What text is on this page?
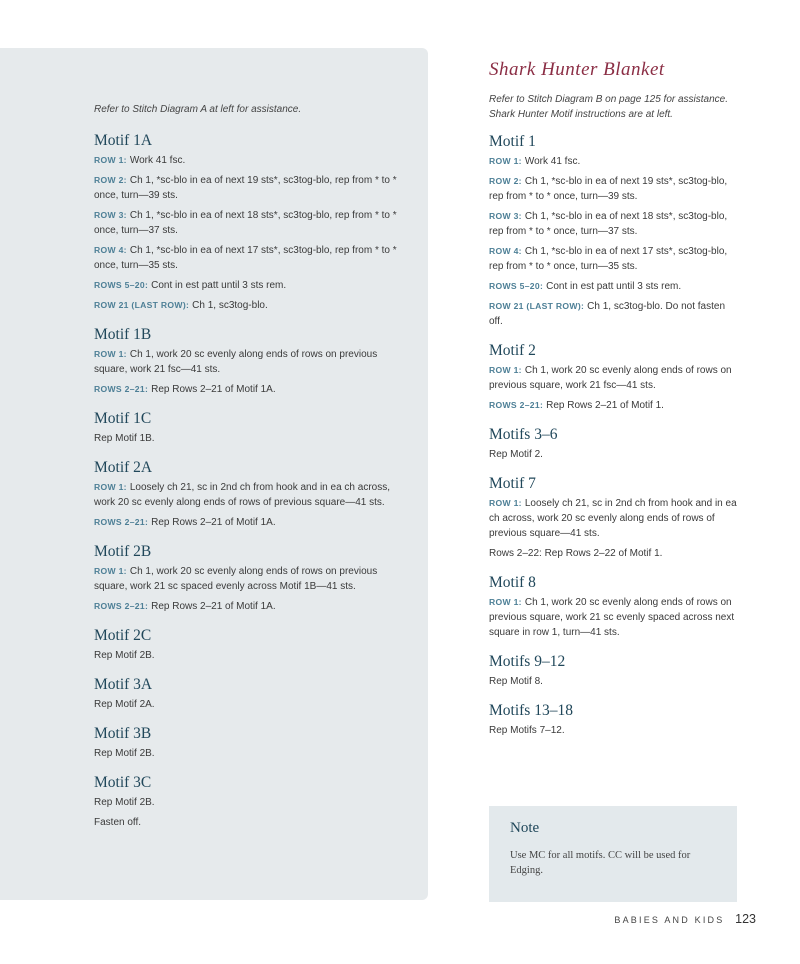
Refer to Stitch Diagram A at left for assistance.

Motif 1A
ROW 1: Work 41 fsc.
ROW 2: Ch 1, *sc-blo in ea of next 19 sts*, sc3tog-blo, rep from * to * once, turn—39 sts.
ROW 3: Ch 1, *sc-blo in ea of next 18 sts*, sc3tog-blo, rep from * to * once, turn—37 sts.
ROW 4: Ch 1, *sc-blo in ea of next 17 sts*, sc3tog-blo, rep from * to * once, turn—35 sts.
ROWS 5–20: Cont in est patt until 3 sts rem.
ROW 21 (LAST ROW): Ch 1, sc3tog-blo.
Motif 1B
ROW 1: Ch 1, work 20 sc evenly along ends of rows on previous square, work 21 fsc—41 sts.
ROWS 2–21: Rep Rows 2–21 of Motif 1A.
Motif 1C
Rep Motif 1B.
Motif 2A
ROW 1: Loosely ch 21, sc in 2nd ch from hook and in ea ch across, work 20 sc evenly along ends of rows of previous square—41 sts.
ROWS 2–21: Rep Rows 2–21 of Motif 1A.
Motif 2B
ROW 1: Ch 1, work 20 sc evenly along ends of rows on previous square, work 21 sc spaced evenly across Motif 1B—41 sts.
ROWS 2–21: Rep Rows 2–21 of Motif 1A.
Motif 2C
Rep Motif 2B.
Motif 3A
Rep Motif 2A.
Motif 3B
Rep Motif 2B.
Motif 3C
Rep Motif 2B.
Fasten off.
Shark Hunter Blanket

Refer to Stitch Diagram B on page 125 for assistance. Shark Hunter Motif instructions are at left.

Motif 1
ROW 1: Work 41 fsc.
ROW 2: Ch 1, *sc-blo in ea of next 19 sts*, sc3tog-blo, rep from * to * once, turn—39 sts.
ROW 3: Ch 1, *sc-blo in ea of next 18 sts*, sc3tog-blo, rep from * to * once, turn—37 sts.
ROW 4: Ch 1, *sc-blo in ea of next 17 sts*, sc3tog-blo, rep from * to * once, turn—35 sts.
ROWS 5–20: Cont in est patt until 3 sts rem.
ROW 21 (LAST ROW): Ch 1, sc3tog-blo. Do not fasten off.
Motif 2
ROW 1: Ch 1, work 20 sc evenly along ends of rows on previous square, work 21 fsc—41 sts.
ROWS 2–21: Rep Rows 2–21 of Motif 1.
Motifs 3–6
Rep Motif 2.
Motif 7
ROW 1: Loosely ch 21, sc in 2nd ch from hook and in ea ch across, work 20 sc evenly along ends of rows of previous square—41 sts.
Rows 2–22: Rep Rows 2–22 of Motif 1.
Motif 8
ROW 1: Ch 1, work 20 sc evenly along ends of rows on previous square, work 21 sc evenly spaced across next square in row 1, turn—41 sts.
Motifs 9–12
Rep Motif 8.
Motifs 13–18
Rep Motifs 7–12.
Note
Use MC for all motifs. CC will be used for Edging.
BABIES AND KIDS 123
